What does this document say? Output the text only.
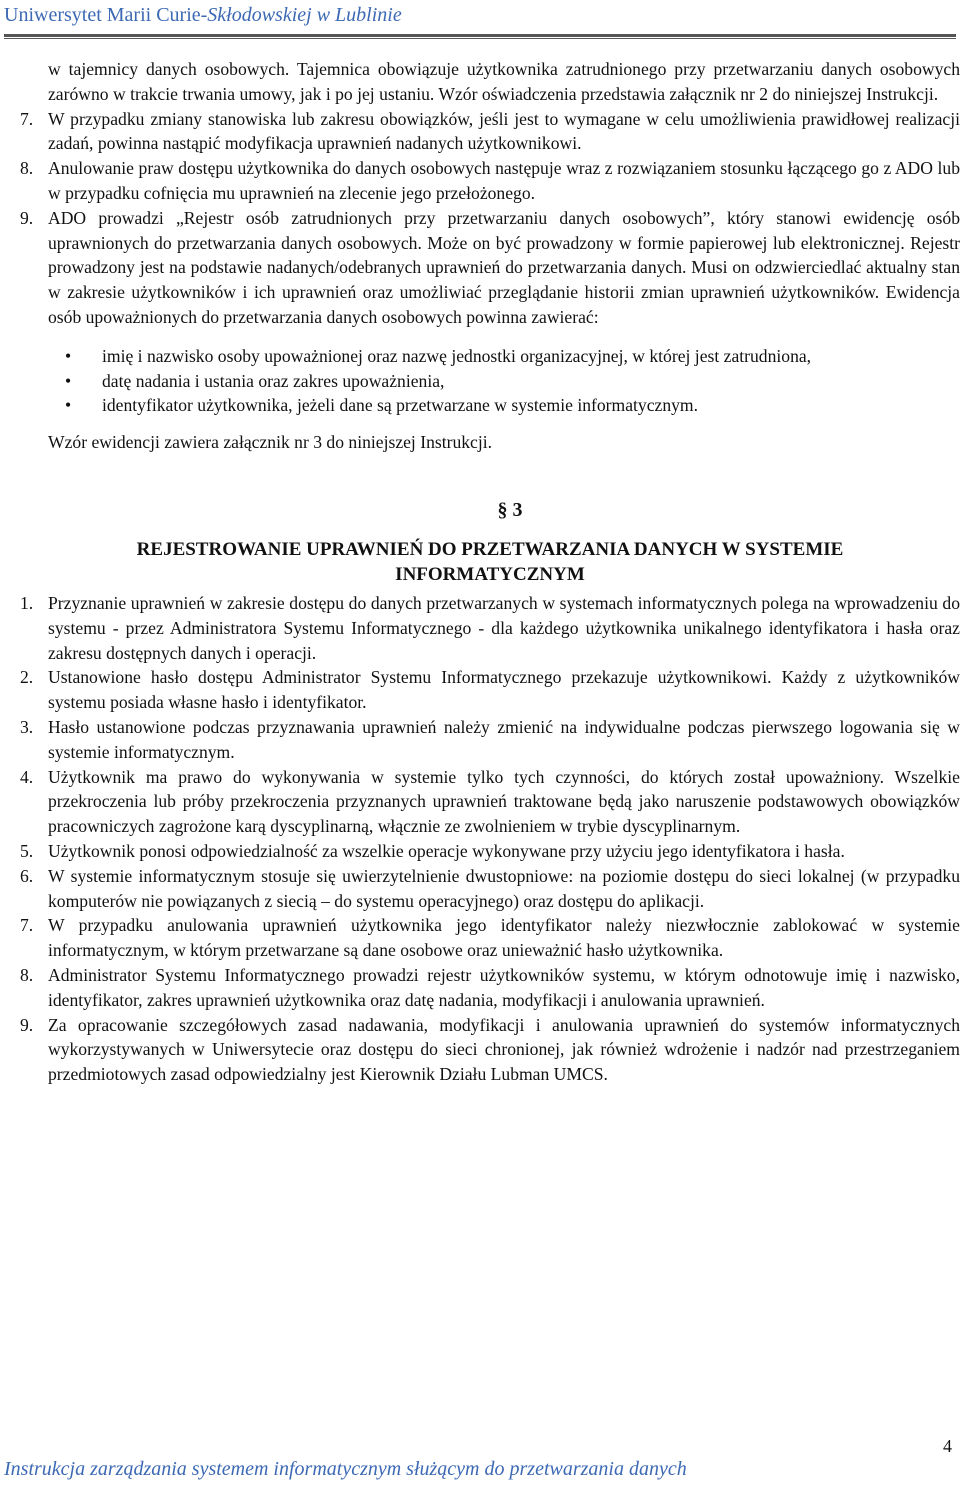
Uniwersytet Marii Curie-Skłodowskiej w Lublinie

w tajemnicy danych osobowych. Tajemnica obowiązuje użytkownika zatrudnionego przy przetwarzaniu danych osobowych zarówno w trakcie trwania umowy, jak i po jej ustaniu. Wzór oświadczenia przedstawia załącznik nr 2 do niniejszej Instrukcji.

7. W przypadku zmiany stanowiska lub zakresu obowiązków, jeśli jest to wymagane w celu umożliwienia prawidłowej realizacji zadań, powinna nastąpić modyfikacja uprawnień nadanych użytkownikowi.
8. Anulowanie praw dostępu użytkownika do danych osobowych następuje wraz z rozwiązaniem stosunku łączącego go z ADO lub w przypadku cofnięcia mu uprawnień na zlecenie jego przełożonego.
9. ADO prowadzi „Rejestr osób zatrudnionych przy przetwarzaniu danych osobowych”, który stanowi ewidencję osób uprawnionych do przetwarzania danych osobowych. Może on być prowadzony w formie papierowej lub elektronicznej. Rejestr prowadzony jest na podstawie nadanych/odebranych uprawnień do przetwarzania danych. Musi on odzwierciedlać aktualny stan w zakresie użytkowników i ich uprawnień oraz umożliwiać przeglądanie historii zmian uprawnień użytkowników. Ewidencja osób upoważnionych do przetwarzania danych osobowych powinna zawierać:
• imię i nazwisko osoby upoważnionej oraz nazwę jednostki organizacyjnej, w której jest zatrudniona,
• datę nadania i ustania oraz zakres upoważnienia,
• identyfikator użytkownika, jeżeli dane są przetwarzane w systemie informatycznym.

Wzór ewidencji zawiera załącznik nr 3 do niniejszej Instrukcji.

§ 3
REJESTROWANIE UPRAWNIEŃ DO PRZETWARZANIA DANYCH W SYSTEMIE INFORMATYCZNYM
1. Przyznanie uprawnień w zakresie dostępu do danych przetwarzanych w systemach informatycznych polega na wprowadzeniu do systemu - przez Administratora Systemu Informatycznego - dla każdego użytkownika unikalnego identyfikatora i hasła oraz zakresu dostępnych danych i operacji.
2. Ustanowione hasło dostępu Administrator Systemu Informatycznego przekazuje użytkownikowi. Każdy z użytkowników systemu posiada własne hasło i identyfikator.
3. Hasło ustanowione podczas przyznawania uprawnień należy zmienić na indywidualne podczas pierwszego logowania się w systemie informatycznym.
4. Użytkownik ma prawo do wykonywania w systemie tylko tych czynności, do których został upoważniony. Wszelkie przekroczenia lub próby przekroczenia przyznanych uprawnień traktowane będą jako naruszenie podstawowych obowiązków pracowniczych zagrożone karą dyscyplinarną, włącznie ze zwolnieniem w trybie dyscyplinarnym.
5. Użytkownik ponosi odpowiedzialność za wszelkie operacje wykonywane przy użyciu jego identyfikatora i hasła.
6. W systemie informatycznym stosuje się uwierzytelnienie dwustopniowe: na poziomie dostępu do sieci lokalnej (w przypadku komputerów nie powiązanych z siecią – do systemu operacyjnego) oraz dostępu do aplikacji.
7. W przypadku anulowania uprawnień użytkownika jego identyfikator należy niezwłocznie zablokować w systemie informatycznym, w którym przetwarzane są dane osobowe oraz unieważnić hasło użytkownika.
8. Administrator Systemu Informatycznego prowadzi rejestr użytkowników systemu, w którym odnotowuje imię i nazwisko, identyfikator, zakres uprawnień użytkownika oraz datę nadania, modyfikacji i anulowania uprawnień.
9. Za opracowanie szczegółowych zasad nadawania, modyfikacji i anulowania uprawnień do systemów informatycznych wykorzystywanych w Uniwersytecie oraz dostępu do sieci chronionej, jak również wdrożenie i nadzór nad przestrzeganiem przedmiotowych zasad odpowiedzialny jest Kierownik Działu Lubman UMCS.
4
Instrukcja zarządzania systemem informatycznym służącym do przetwarzania danych
